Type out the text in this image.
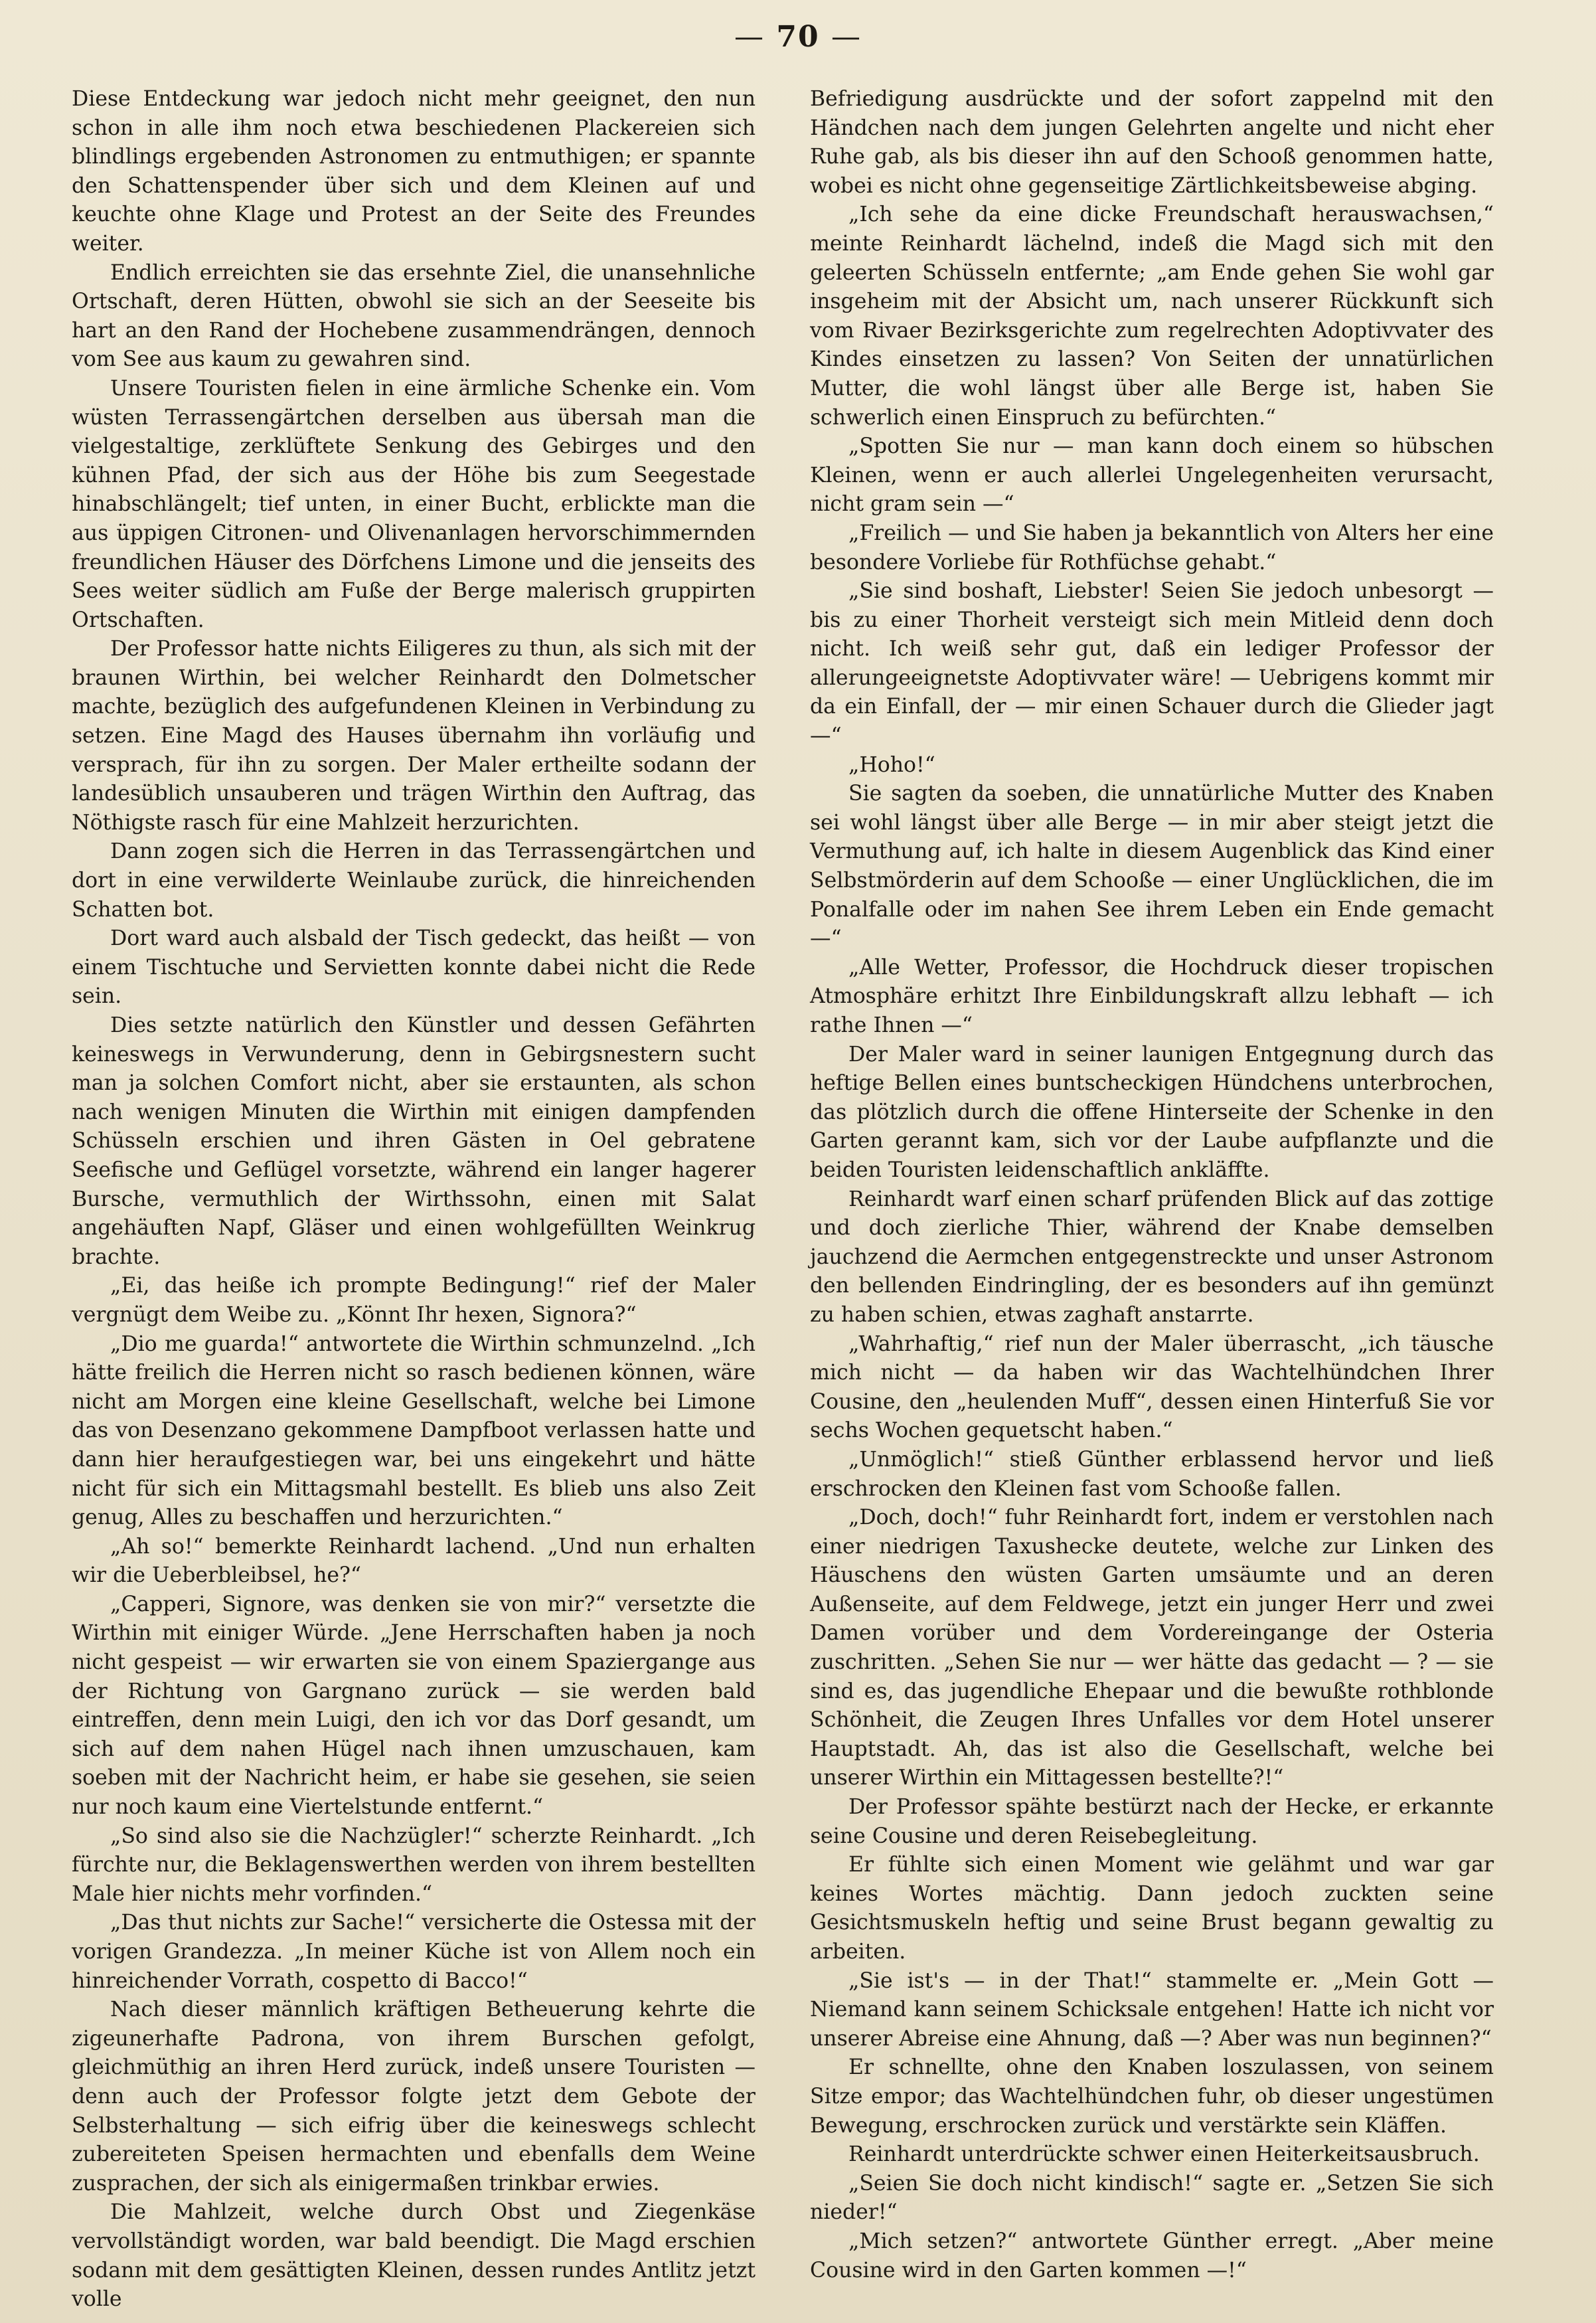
— 70 —

Diese Entdeckung war jedoch nicht mehr geeignet, den nun schon in alle ihm noch etwa beschiedenen Plackereien sich blindlings ergebenden Astronomen zu entmuthigen; er spannte den Schattenspender über sich und dem Kleinen auf und keuchte ohne Klage und Protest an der Seite des Freundes weiter.

Endlich erreichten sie das ersehnte Ziel, die unansehnliche Ortschaft, deren Hütten, obwohl sie sich an der Seeseite bis hart an den Rand der Hochebene zusammendrängen, dennoch vom See aus kaum zu gewahren sind.

Unsere Touristen fielen in eine ärmliche Schenke ein. Vom wüsten Terrassengärtchen derselben aus übersah man die vielgestaltige, zerklüftete Senkung des Gebirges und den kühnen Pfad, der sich aus der Höhe bis zum Seegestade hinabschlängelt; tief unten, in einer Bucht, erblickte man die aus üppigen Citronen- und Olivenanlagen hervorschimmernden freundlichen Häuser des Dörfchens Limone und die jenseits des Sees weiter südlich am Fuße der Berge malerisch gruppirten Ortschaften.

Der Professor hatte nichts Eiligeres zu thun, als sich mit der braunen Wirthin, bei welcher Reinhardt den Dolmetscher machte, bezüglich des aufgefundenen Kleinen in Verbindung zu setzen. Eine Magd des Hauses übernahm ihn vorläufig und versprach, für ihn zu sorgen. Der Maler ertheilte sodann der landesüblich unsauberen und trägen Wirthin den Auftrag, das Nöthigste rasch für eine Mahlzeit herzurichten.

Dann zogen sich die Herren in das Terrassengärtchen und dort in eine verwilderte Weinlaube zurück, die hinreichenden Schatten bot.

Dort ward auch alsbald der Tisch gedeckt, das heißt — von einem Tischtuche und Servietten konnte dabei nicht die Rede sein.

Dies setzte natürlich den Künstler und dessen Gefährten keineswegs in Verwunderung, denn in Gebirgsnestern sucht man ja solchen Comfort nicht, aber sie erstaunten, als schon nach wenigen Minuten die Wirthin mit einigen dampfenden Schüsseln erschien und ihren Gästen in Oel gebratene Seefische und Geflügel vorsetzte, während ein langer hagerer Bursche, vermuthlich der Wirthssohn, einen mit Salat angehäuften Napf, Gläser und einen wohlgefüllten Weinkrug brachte.

„Ei, das heiße ich prompte Bedingung!“ rief der Maler vergnügt dem Weibe zu. „Könnt Ihr hexen, Signora?“

„Dio me guarda!“ antwortete die Wirthin schmunzelnd. „Ich hätte freilich die Herren nicht so rasch bedienen können, wäre nicht am Morgen eine kleine Gesellschaft, welche bei Limone das von Desenzano gekommene Dampfboot verlassen hatte und dann hier heraufgestiegen war, bei uns eingekehrt und hätte nicht für sich ein Mittagsmahl bestellt. Es blieb uns also Zeit genug, Alles zu beschaffen und herzurichten.“

„Ah so!“ bemerkte Reinhardt lachend. „Und nun erhalten wir die Ueberbleibsel, he?“

„Capperi, Signore, was denken sie von mir?“ versetzte die Wirthin mit einiger Würde. „Jene Herrschaften haben ja noch nicht gespeist — wir erwarten sie von einem Spaziergange aus der Richtung von Gargnano zurück — sie werden bald eintreffen, denn mein Luigi, den ich vor das Dorf gesandt, um sich auf dem nahen Hügel nach ihnen umzuschauen, kam soeben mit der Nachricht heim, er habe sie gesehen, sie seien nur noch kaum eine Viertelstunde entfernt.“

„So sind also sie die Nachzügler!“ scherzte Reinhardt. „Ich fürchte nur, die Beklagenswerthen werden von ihrem bestellten Male hier nichts mehr vorfinden.“

„Das thut nichts zur Sache!“ versicherte die Ostessa mit der vorigen Grandezza. „In meiner Küche ist von Allem noch ein hinreichender Vorrath, cospetto di Bacco!“

Nach dieser männlich kräftigen Betheuerung kehrte die zigeunerhafte Padrona, von ihrem Burschen gefolgt, gleichmüthig an ihren Herd zurück, indeß unsere Touristen — denn auch der Professor folgte jetzt dem Gebote der Selbsterhaltung — sich eifrig über die keineswegs schlecht zubereiteten Speisen hermachten und ebenfalls dem Weine zusprachen, der sich als einigermaßen trinkbar erwies.

Die Mahlzeit, welche durch Obst und Ziegenkäse vervollständigt worden, war bald beendigt. Die Magd erschien sodann mit dem gesättigten Kleinen, dessen rundes Antlitz jetzt volle

Befriedigung ausdrückte und der sofort zappelnd mit den Händchen nach dem jungen Gelehrten angelte und nicht eher Ruhe gab, als bis dieser ihn auf den Schooß genommen hatte, wobei es nicht ohne gegenseitige Zärtlichkeitsbeweise abging.

„Ich sehe da eine dicke Freundschaft herauswachsen,“ meinte Reinhardt lächelnd, indeß die Magd sich mit den geleerten Schüsseln entfernte; „am Ende gehen Sie wohl gar insgeheim mit der Absicht um, nach unserer Rückkunft sich vom Rivaer Bezirksgerichte zum regelrechten Adoptivvater des Kindes einsetzen zu lassen? Von Seiten der unnatürlichen Mutter, die wohl längst über alle Berge ist, haben Sie schwerlich einen Einspruch zu befürchten.“

„Spotten Sie nur — man kann doch einem so hübschen Kleinen, wenn er auch allerlei Ungelegenheiten verursacht, nicht gram sein —“

„Freilich — und Sie haben ja bekanntlich von Alters her eine besondere Vorliebe für Rothfüchse gehabt.“

„Sie sind boshaft, Liebster! Seien Sie jedoch unbesorgt — bis zu einer Thorheit versteigt sich mein Mitleid denn doch nicht. Ich weiß sehr gut, daß ein lediger Professor der allerungeeignetste Adoptivvater wäre! — Uebrigens kommt mir da ein Einfall, der — mir einen Schauer durch die Glieder jagt —“

„Hoho!“

Sie sagten da soeben, die unnatürliche Mutter des Knaben sei wohl längst über alle Berge — in mir aber steigt jetzt die Vermuthung auf, ich halte in diesem Augenblick das Kind einer Selbstmörderin auf dem Schooße — einer Unglücklichen, die im Ponalfalle oder im nahen See ihrem Leben ein Ende gemacht —“

„Alle Wetter, Professor, die Hochdruck dieser tropischen Atmosphäre erhitzt Ihre Einbildungskraft allzu lebhaft — ich rathe Ihnen —“

Der Maler ward in seiner launigen Entgegnung durch das heftige Bellen eines buntscheckigen Hündchens unterbrochen, das plötzlich durch die offene Hinterseite der Schenke in den Garten gerannt kam, sich vor der Laube aufpflanzte und die beiden Touristen leidenschaftlich ankläffte.

Reinhardt warf einen scharf prüfenden Blick auf das zottige und doch zierliche Thier, während der Knabe demselben jauchzend die Aermchen entgegenstreckte und unser Astronom den bellenden Eindringling, der es besonders auf ihn gemünzt zu haben schien, etwas zaghaft anstarrte.

„Wahrhaftig,“ rief nun der Maler überrascht, „ich täusche mich nicht — da haben wir das Wachtelhündchen Ihrer Cousine, den „heulenden Muff“, dessen einen Hinterfuß Sie vor sechs Wochen gequetscht haben.“

„Unmöglich!“ stieß Günther erblassend hervor und ließ erschrocken den Kleinen fast vom Schooße fallen.

„Doch, doch!“ fuhr Reinhardt fort, indem er verstohlen nach einer niedrigen Taxushecke deutete, welche zur Linken des Häuschens den wüsten Garten umsäumte und an deren Außenseite, auf dem Feldwege, jetzt ein junger Herr und zwei Damen vorüber und dem Vordereingange der Osteria zuschritten. „Sehen Sie nur — wer hätte das gedacht — ? — sie sind es, das jugendliche Ehepaar und die bewußte rothblonde Schönheit, die Zeugen Ihres Unfalles vor dem Hotel unserer Hauptstadt. Ah, das ist also die Gesellschaft, welche bei unserer Wirthin ein Mittagessen bestellte?!“

Der Professor spähte bestürzt nach der Hecke, er erkannte seine Cousine und deren Reisebegleitung.

Er fühlte sich einen Moment wie gelähmt und war gar keines Wortes mächtig. Dann jedoch zuckten seine Gesichtsmuskeln heftig und seine Brust begann gewaltig zu arbeiten.

„Sie ist's — in der That!“ stammelte er. „Mein Gott — Niemand kann seinem Schicksale entgehen! Hatte ich nicht vor unserer Abreise eine Ahnung, daß —? Aber was nun beginnen?“

Er schnellte, ohne den Knaben loszulassen, von seinem Sitze empor; das Wachtelhündchen fuhr, ob dieser ungestümen Bewegung, erschrocken zurück und verstärkte sein Kläffen.

Reinhardt unterdrückte schwer einen Heiterkeitsausbruch.

„Seien Sie doch nicht kindisch!“ sagte er. „Setzen Sie sich nieder!“

„Mich setzen?“ antwortete Günther erregt. „Aber meine Cousine wird in den Garten kommen —!“
